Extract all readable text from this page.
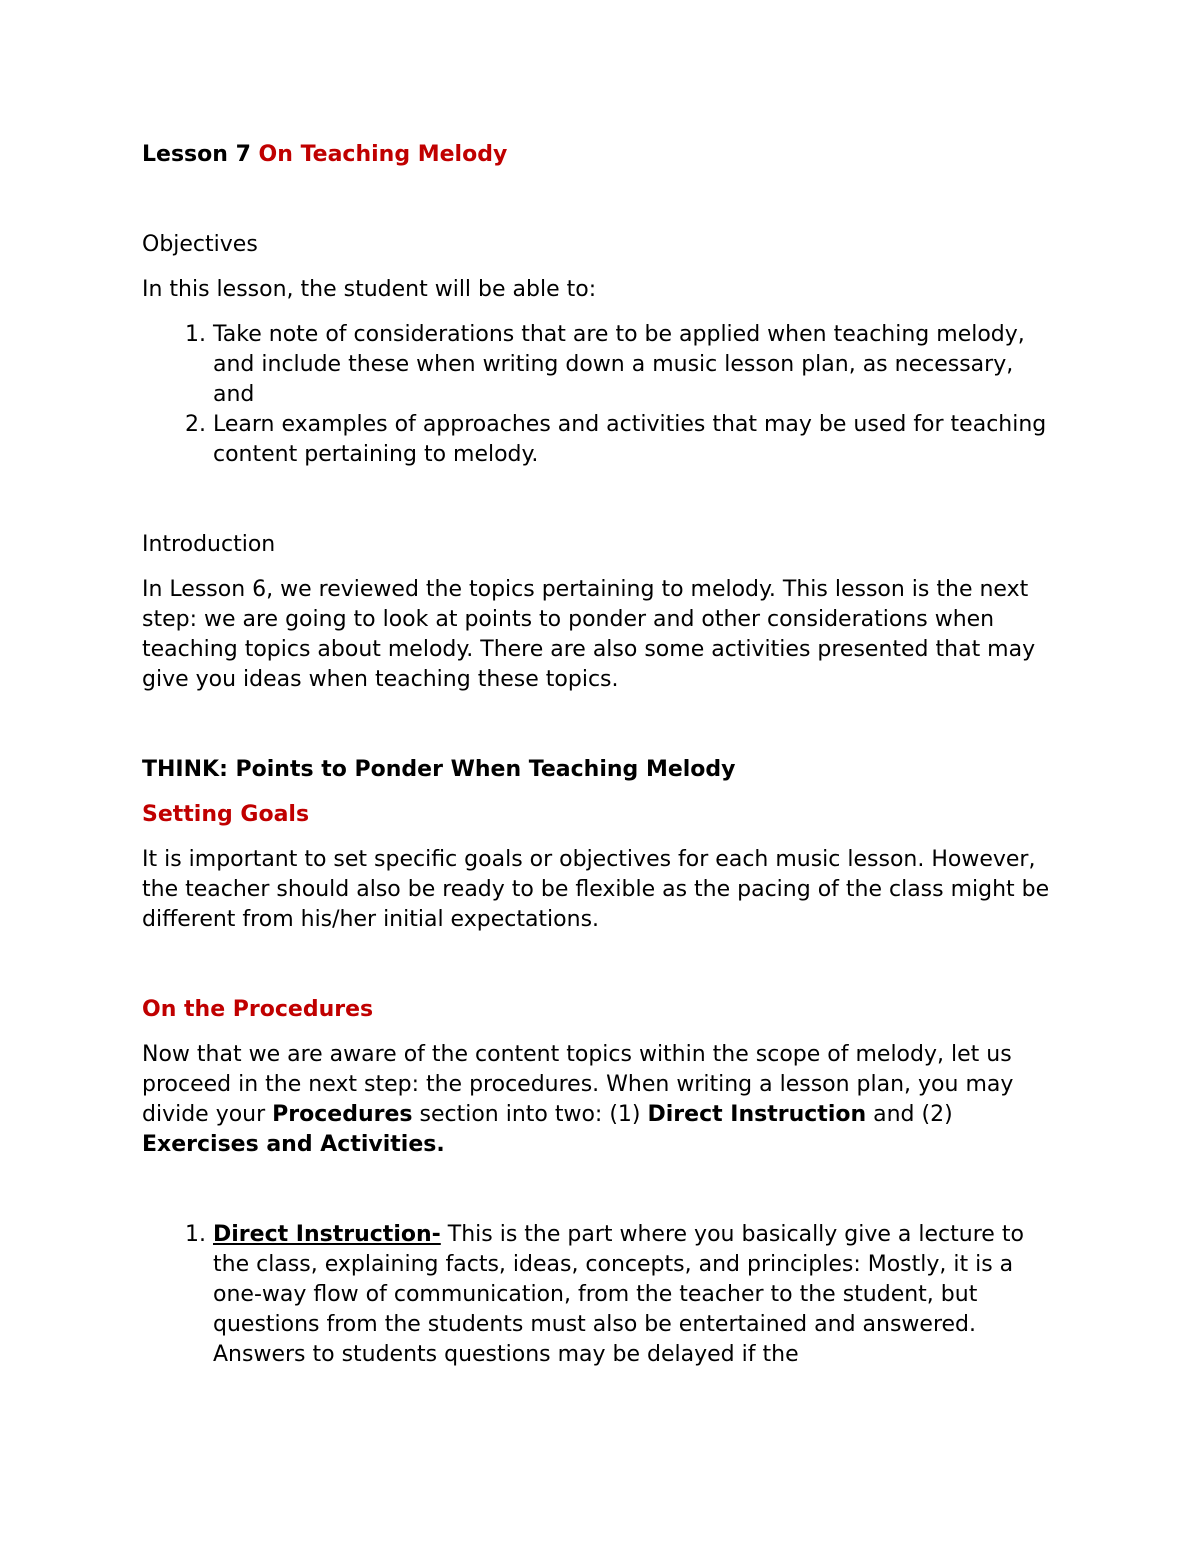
Lesson 7 On Teaching Melody

Objectives

In this lesson, the student will be able to:

1. Take note of considerations that are to be applied when teaching melody, and include these when writing down a music lesson plan, as necessary, and
2. Learn examples of approaches and activities that may be used for teaching content pertaining to melody.

Introduction

In Lesson 6, we reviewed the topics pertaining to melody. This lesson is the next step: we are going to look at points to ponder and other considerations when teaching topics about melody. There are also some activities presented that may give you ideas when teaching these topics.

THINK: Points to Ponder When Teaching Melody

Setting Goals

It is important to set specific goals or objectives for each music lesson. However, the teacher should also be ready to be flexible as the pacing of the class might be different from his/her initial expectations.

On the Procedures

Now that we are aware of the content topics within the scope of melody, let us proceed in the next step: the procedures. When writing a lesson plan, you may divide your Procedures section into two: (1) Direct Instruction and (2) Exercises and Activities.

1. Direct Instruction- This is the part where you basically give a lecture to the class, explaining facts, ideas, concepts, and principles: Mostly, it is a one-way flow of communication, from the teacher to the student, but questions from the students must also be entertained and answered. Answers to students questions may be delayed if the
